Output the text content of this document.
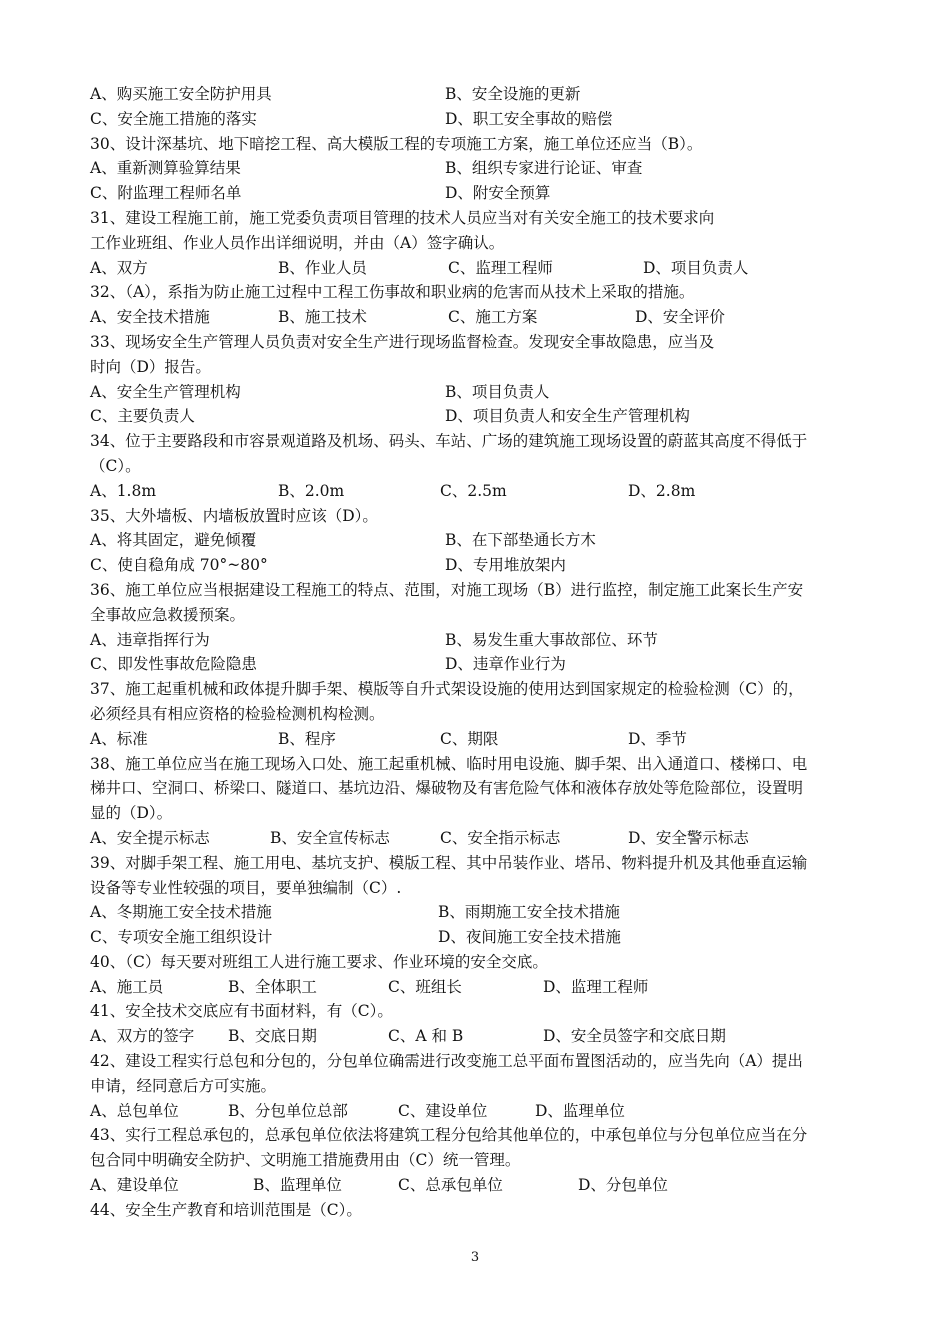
A、购买施工安全防护用具	B、安全设施的更新
C、安全施工措施的落实	D、职工安全事故的赔偿
30、设计深基坑、地下暗挖工程、高大模版工程的专项施工方案，施工单位还应当（B）。
A、重新测算验算结果	B、组织专家进行论证、审查
C、附监理工程师名单	D、附安全预算
31、建设工程施工前，施工党委负责项目管理的技术人员应当对有关安全施工的技术要求向
工作业班组、作业人员作出详细说明，并由（A）签字确认。
A、双方	B、作业人员	C、监理工程师	D、项目负责人
32、（A），系指为防止施工过程中工程工伤事故和职业病的危害而从技术上采取的措施。
A、安全技术措施	B、施工技术	C、施工方案	D、安全评价
33、现场安全生产管理人员负责对安全生产进行现场监督检查。发现安全事故隐患，应当及
时向（D）报告。
A、安全生产管理机构	B、项目负责人
C、主要负责人	D、项目负责人和安全生产管理机构
34、位于主要路段和市容景观道路及机场、码头、车站、广场的建筑施工现场设置的蔚蓝其高度不得低于
（C）。
A、1.8m	B、2.0m	C、2.5m	D、2.8m
35、大外墙板、内墙板放置时应该（D）。
A、将其固定，避免倾覆	B、在下部垫通长方木
C、使自稳角成 70°~80°	D、专用堆放架内
36、施工单位应当根据建设工程施工的特点、范围，对施工现场（B）进行监控，制定施工此案长生产安
全事故应急救援预案。
A、违章指挥行为	B、易发生重大事故部位、环节
C、即发性事故危险隐患	D、违章作业行为
37、施工起重机械和政体提升脚手架、模版等自升式架设设施的使用达到国家规定的检验检测（C）的，
必须经具有相应资格的检验检测机构检测。
A、标准	B、程序	C、期限	D、季节
38、施工单位应当在施工现场入口处、施工起重机械、临时用电设施、脚手架、出入通道口、楼梯口、电
梯井口、空洞口、桥梁口、隧道口、基坑边沿、爆破物及有害危险气体和液体存放处等危险部位，设置明
显的（D）。
A、安全提示标志	B、安全宣传标志	C、安全指示标志	D、安全警示标志
39、对脚手架工程、施工用电、基坑支护、模版工程、其中吊装作业、塔吊、物料提升机及其他垂直运输
设备等专业性较强的项目，要单独编制（C）.
A、冬期施工安全技术措施	B、雨期施工安全技术措施
C、专项安全施工组织设计	D、夜间施工安全技术措施
40、（C）每天要对班组工人进行施工要求、作业环境的安全交底。
A、施工员	B、全体职工	C、班组长	D、监理工程师
41、安全技术交底应有书面材料，有（C）。
A、双方的签字 B、交底日期	C、A 和 B	D、安全员签字和交底日期
42、建设工程实行总包和分包的，分包单位确需进行改变施工总平面布置图活动的，应当先向（A）提出
申请，经同意后方可实施。
A、总包单位	B、分包单位总部	C、建设单位	D、监理单位
43、实行工程总承包的，总承包单位依法将建筑工程分包给其他单位的，中承包单位与分包单位应当在分
包合同中明确安全防护、文明施工措施费用由（C）统一管理。
A、建设单位	B、监理单位	C、总承包单位	D、分包单位
44、安全生产教育和培训范围是（C）。
3
